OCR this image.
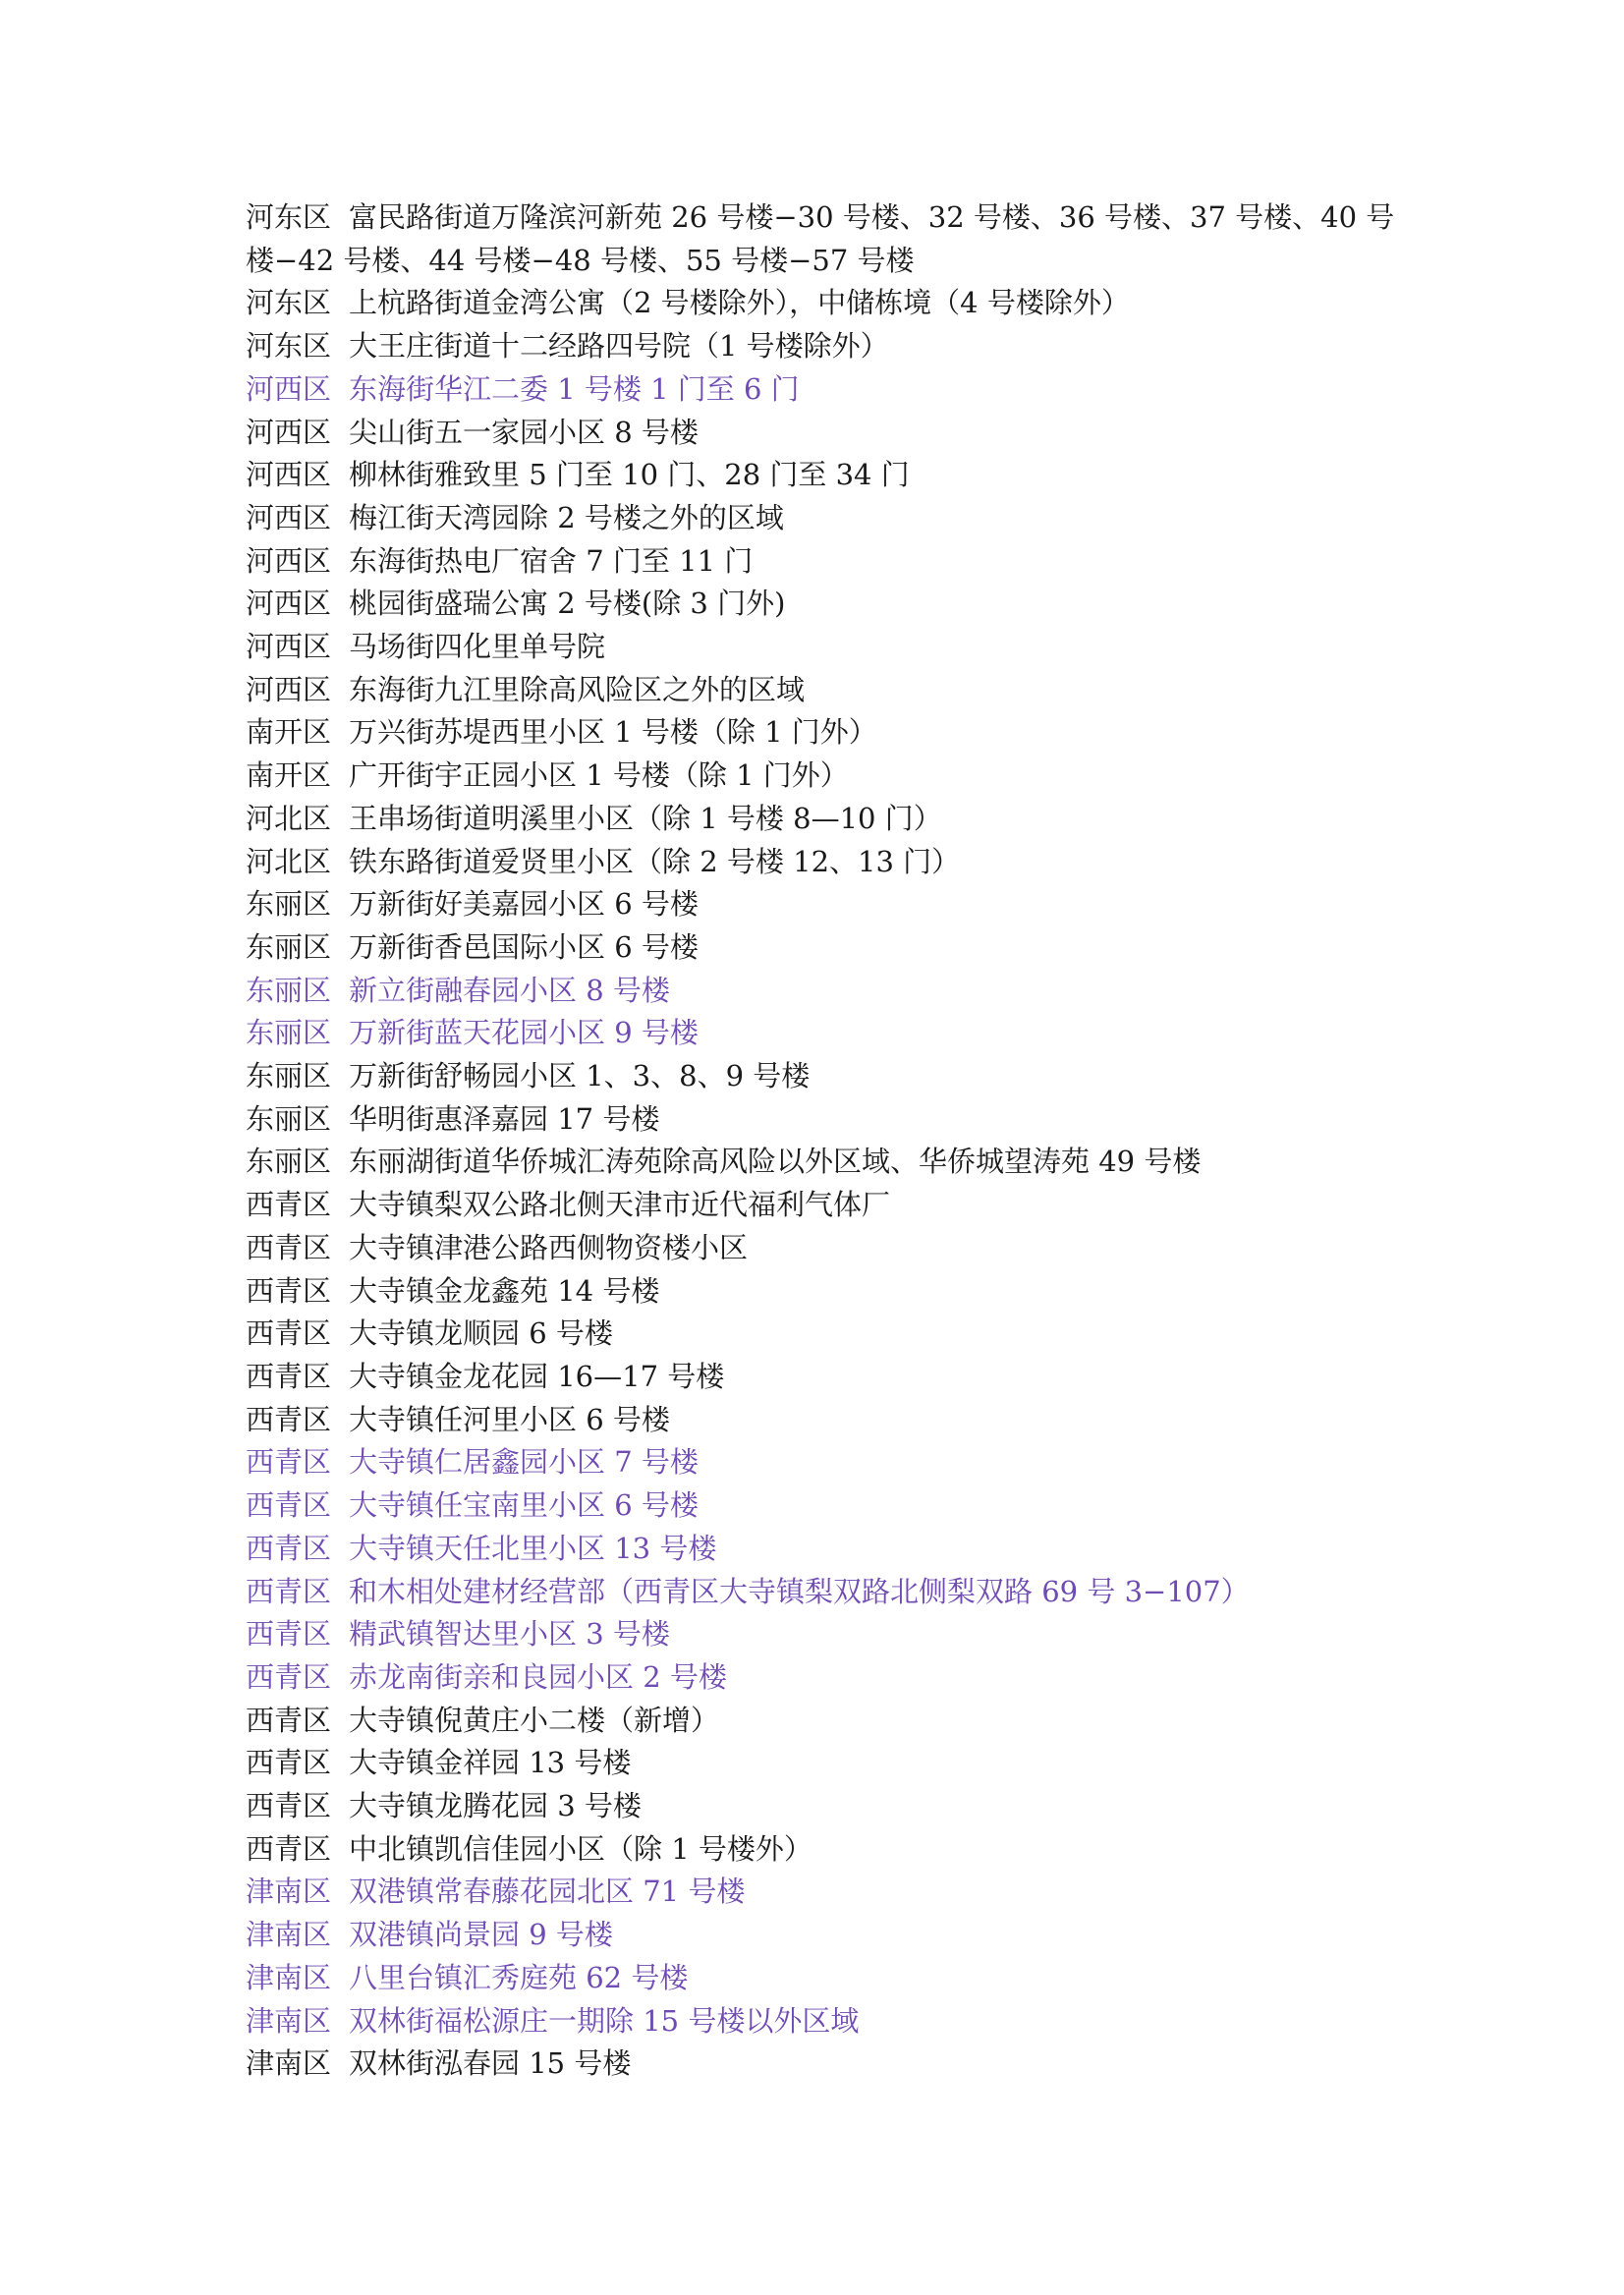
河东区 富民路街道万隆滨河新苑 26 号楼−30 号楼、32 号楼、36 号楼、37 号楼、40 号楼−42 号楼、44 号楼−48 号楼、55 号楼−57 号楼
河东区 上杭路街道金湾公寓（2 号楼除外），中储栋境（4 号楼除外）
河东区 大王庄街道十二经路四号院（1 号楼除外）
河西区 东海街华江二委 1 号楼 1 门至 6 门
河西区 尖山街五一家园小区 8 号楼
河西区 柳林街雅致里 5 门至 10 门、28 门至 34 门
河西区 梅江街天湾园除 2 号楼之外的区域
河西区 东海街热电厂宿舍 7 门至 11 门
河西区 桃园街盛瑞公寓 2 号楼(除 3 门外)
河西区 马场街四化里单号院
河西区 东海街九江里除高风险区之外的区域
南开区 万兴街苏堤西里小区 1 号楼（除 1 门外）
南开区 广开街宇正园小区 1 号楼（除 1 门外）
河北区 王串场街道明溪里小区（除 1 号楼 8—10 门）
河北区 铁东路街道爱贤里小区（除 2 号楼 12、13 门）
东丽区 万新街好美嘉园小区 6 号楼
东丽区 万新街香邑国际小区 6 号楼
东丽区 新立街融春园小区 8 号楼
东丽区 万新街蓝天花园小区 9 号楼
东丽区 万新街舒畅园小区 1、3、8、9 号楼
东丽区 华明街惠泽嘉园 17 号楼
东丽区 东丽湖街道华侨城汇涛苑除高风险以外区域、华侨城望涛苑 49 号楼
西青区 大寺镇梨双公路北侧天津市近代福利气体厂
西青区 大寺镇津港公路西侧物资楼小区
西青区 大寺镇金龙鑫苑 14 号楼
西青区 大寺镇龙顺园 6 号楼
西青区 大寺镇金龙花园 16—17 号楼
西青区 大寺镇任河里小区 6 号楼
西青区 大寺镇仁居鑫园小区 7 号楼
西青区 大寺镇任宝南里小区 6 号楼
西青区 大寺镇天任北里小区 13 号楼
西青区 和木相处建材经营部（西青区大寺镇梨双路北侧梨双路 69 号 3−107）
西青区 精武镇智达里小区 3 号楼
西青区 赤龙南街亲和良园小区 2 号楼
西青区 大寺镇倪黄庄小二楼（新增）
西青区 大寺镇金祥园 13 号楼
西青区 大寺镇龙腾花园 3 号楼
西青区 中北镇凯信佳园小区（除 1 号楼外）
津南区 双港镇常春藤花园北区 71 号楼
津南区 双港镇尚景园 9 号楼
津南区 八里台镇汇秀庭苑 62 号楼
津南区 双林街福松源庄一期除 15 号楼以外区域
津南区 双林街泓春园 15 号楼
